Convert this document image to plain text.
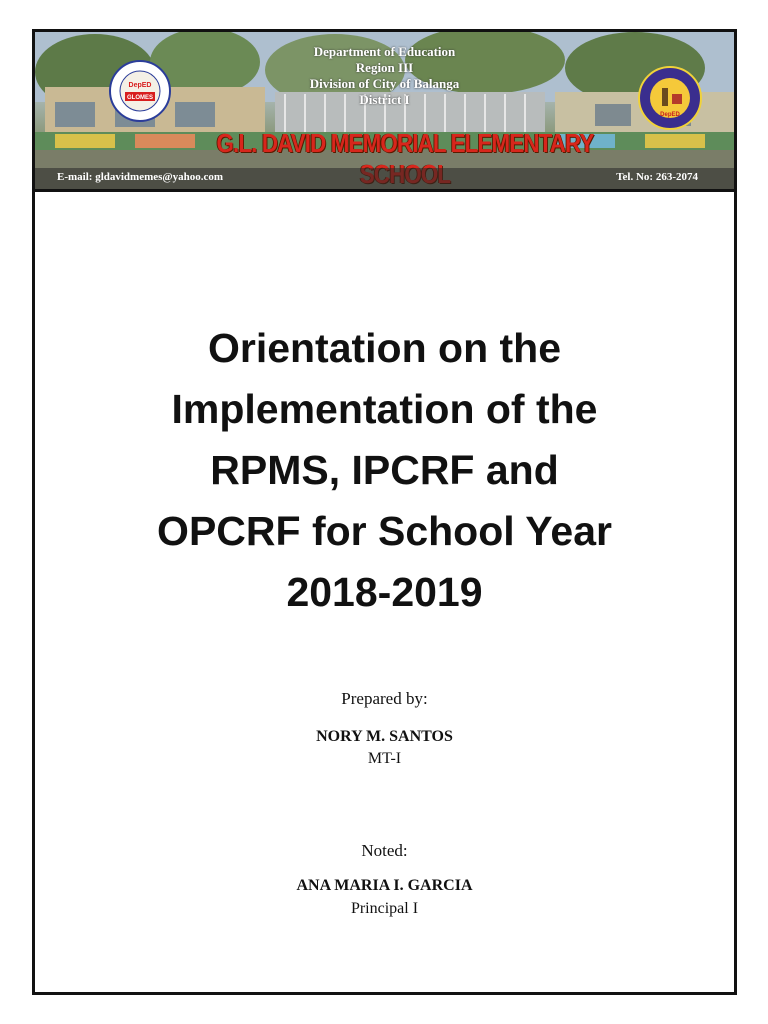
Department of Education
Region III
Division of City of Balanga
District I
DepED
GLOMES
DepED
G.L. DAVID MEMORIAL ELEMENTARY
E-mail: gldavidmemes@yahoo.com	Tel. No: 263-2074
Orientation on the
Implementation of the
RPMS, IPCRF and
OPCRF for School Year
2018-2019
Prepared by:
NORY M. SANTOS
MT-I
Noted:
ANA MARIA I. GARCIA
Principal I
